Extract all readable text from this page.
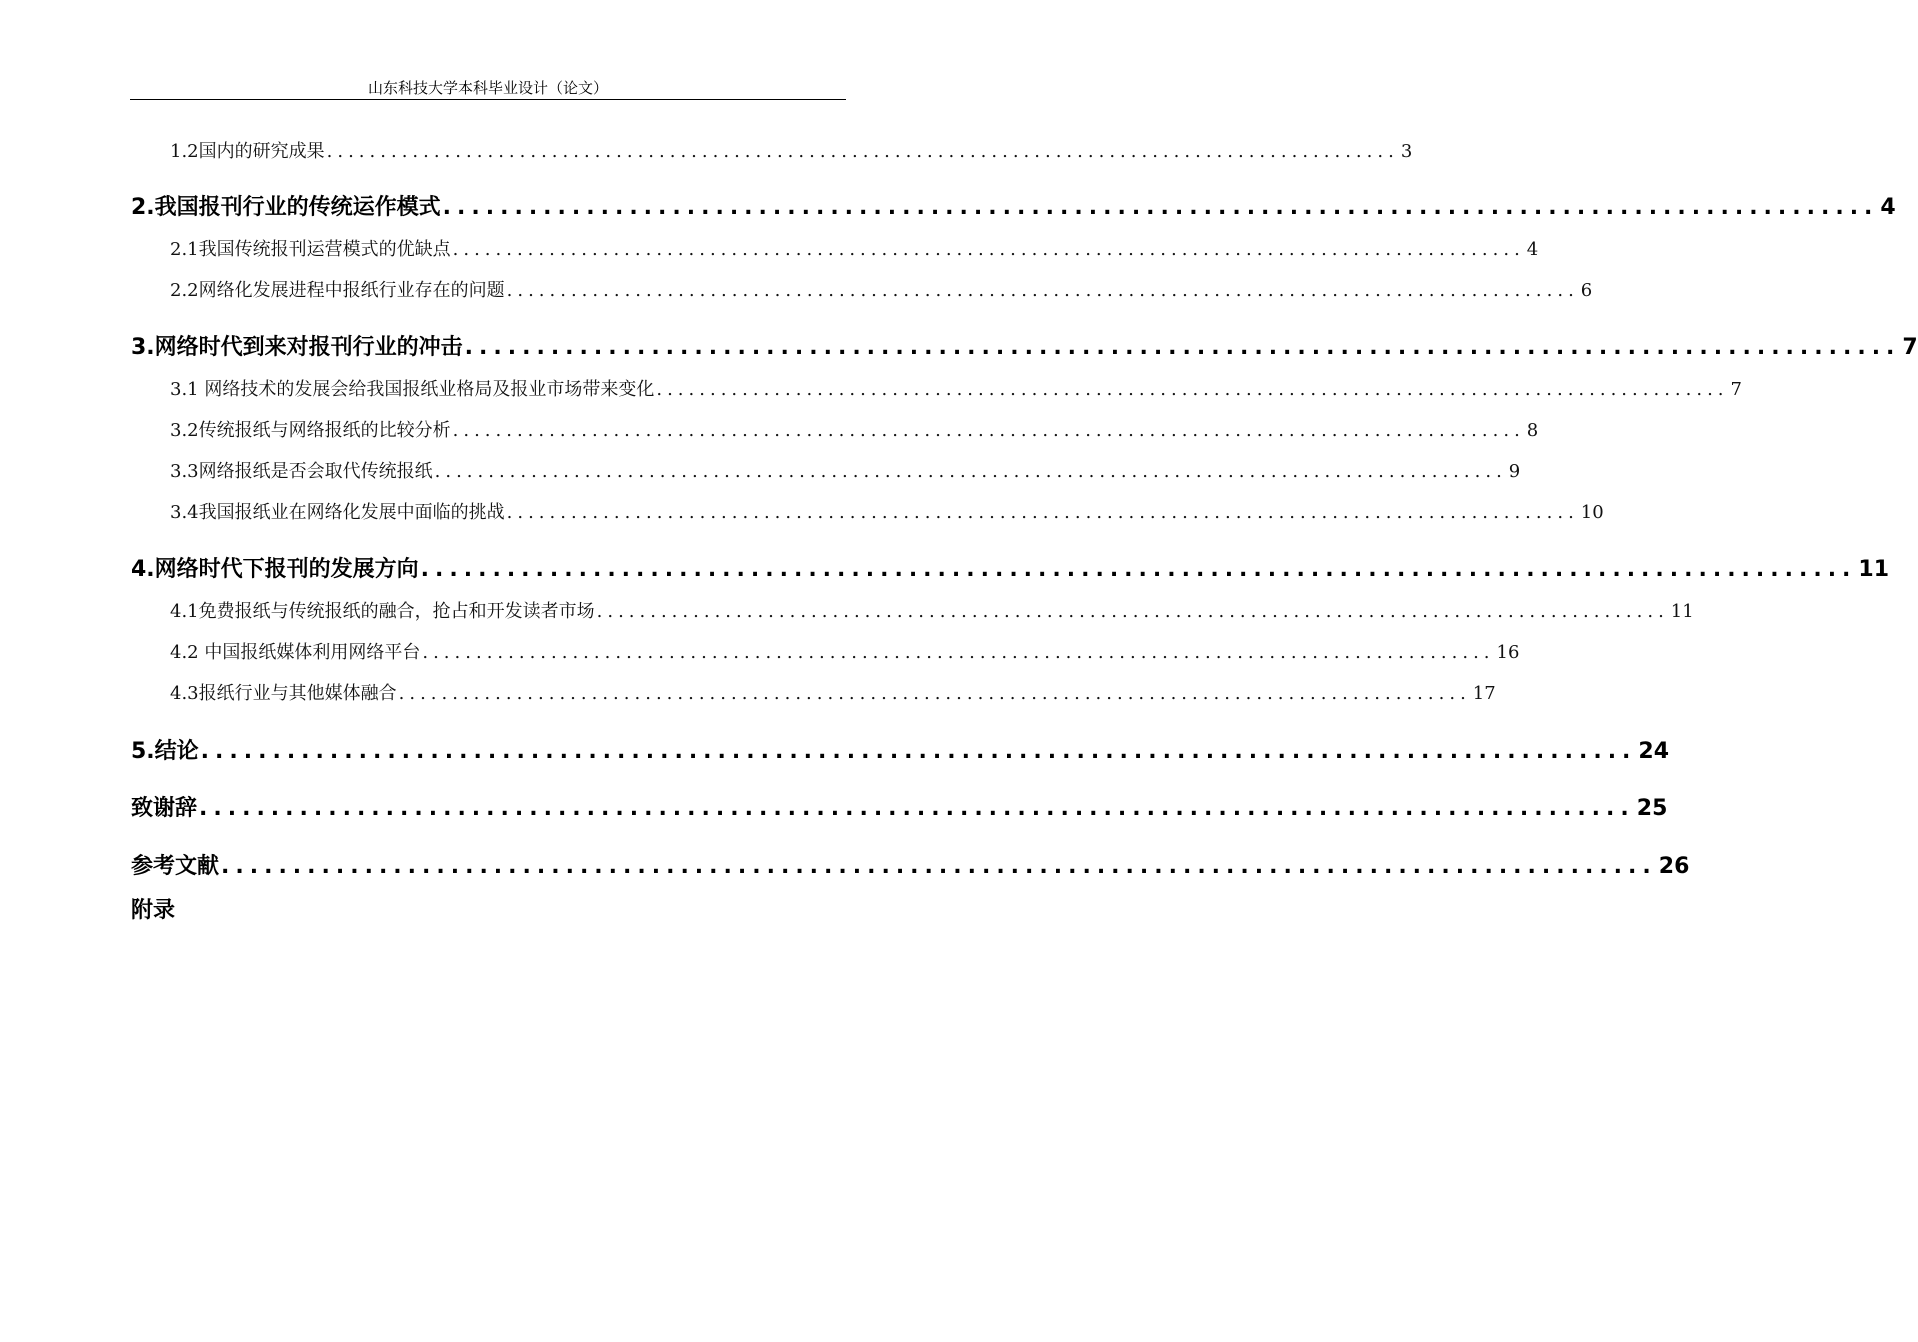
山东科技大学本科毕业设计（论文）
1.2国内的研究成果 .................................................................................................... 3
2.我国报刊行业的传统运作模式 .................................................................................................... 4
2.1我国传统报刊运营模式的优缺点 .................................................................................................... 4
2.2网络化发展进程中报纸行业存在的问题 .................................................................................................... 6
3.网络时代到来对报刊行业的冲击 .................................................................................................... 7
3.1 网络技术的发展会给我国报纸业格局及报业市场带来变化 .................................................................................................... 7
3.2传统报纸与网络报纸的比较分析 .................................................................................................... 8
3.3网络报纸是否会取代传统报纸 .................................................................................................... 9
3.4我国报纸业在网络化发展中面临的挑战 .................................................................................................... 10
4.网络时代下报刊的发展方向 .................................................................................................... 11
4.1免费报纸与传统报纸的融合，抢占和开发读者市场 .................................................................................................... 11
4.2 中国报纸媒体利用网络平台 .................................................................................................... 16
4.3报纸行业与其他媒体融合 .................................................................................................... 17
5.结论 .................................................................................................... 24
致谢辞 .................................................................................................... 25
参考文献 .................................................................................................... 26
附录
